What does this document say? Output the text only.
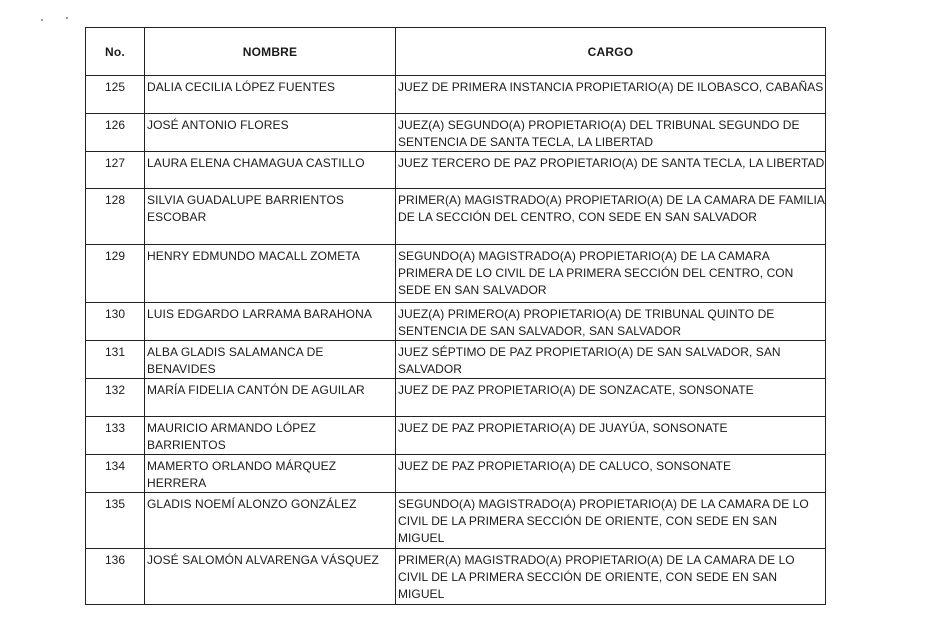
No.	NOMBRE	CARGO
125	DALIA CECILIA LÓPEZ FUENTES	JUEZ DE PRIMERA INSTANCIA PROPIETARIO(A) DE ILOBASCO, CABAÑAS

126	JOSÉ ANTONIO FLORES	JUEZ(A) SEGUNDO(A) PROPIETARIO(A) DEL TRIBUNAL SEGUNDO DE SENTENCIA DE SANTA TECLA, LA LIBERTAD

127	LAURA ELENA CHAMAGUA CASTILLO	JUEZ TERCERO DE PAZ PROPIETARIO(A) DE SANTA TECLA, LA LIBERTAD

128	SILVIA GUADALUPE BARRIENTOS ESCOBAR	PRIMER(A) MAGISTRADO(A) PROPIETARIO(A) DE LA CAMARA DE FAMILIA DE LA SECCIÓN DEL CENTRO, CON SEDE EN SAN SALVADOR

129	HENRY EDMUNDO MACALL ZOMETA	SEGUNDO(A) MAGISTRADO(A) PROPIETARIO(A) DE LA CAMARA PRIMERA DE LO CIVIL DE LA PRIMERA SECCIÓN DEL CENTRO, CON SEDE EN SAN SALVADOR

130	LUIS EDGARDO LARRAMA BARAHONA	JUEZ(A) PRIMERO(A) PROPIETARIO(A) DE TRIBUNAL QUINTO DE SENTENCIA DE SAN SALVADOR, SAN SALVADOR

131	ALBA GLADIS SALAMANCA DE BENAVIDES	JUEZ SÉPTIMO DE PAZ PROPIETARIO(A) DE SAN SALVADOR, SAN SALVADOR

132	MARÍA FIDELIA CANTÓN DE AGUILAR	JUEZ DE PAZ PROPIETARIO(A) DE SONZACATE, SONSONATE

133	MAURICIO ARMANDO LÓPEZ BARRIENTOS	JUEZ DE PAZ PROPIETARIO(A) DE JUAYÚA, SONSONATE

134	MAMERTO ORLANDO MÁRQUEZ HERRERA	JUEZ DE PAZ PROPIETARIO(A) DE CALUCO, SONSONATE

135	GLADIS NOEMÍ ALONZO GONZÁLEZ	SEGUNDO(A) MAGISTRADO(A) PROPIETARIO(A) DE LA CAMARA DE LO CIVIL DE LA PRIMERA SECCIÓN DE ORIENTE, CON SEDE EN SAN MIGUEL

136	JOSÉ SALOMÓN ALVARENGA VÁSQUEZ	PRIMER(A) MAGISTRADO(A) PROPIETARIO(A) DE LA CAMARA DE LO CIVIL DE LA PRIMERA SECCIÓN DE ORIENTE, CON SEDE EN SAN MIGUEL
